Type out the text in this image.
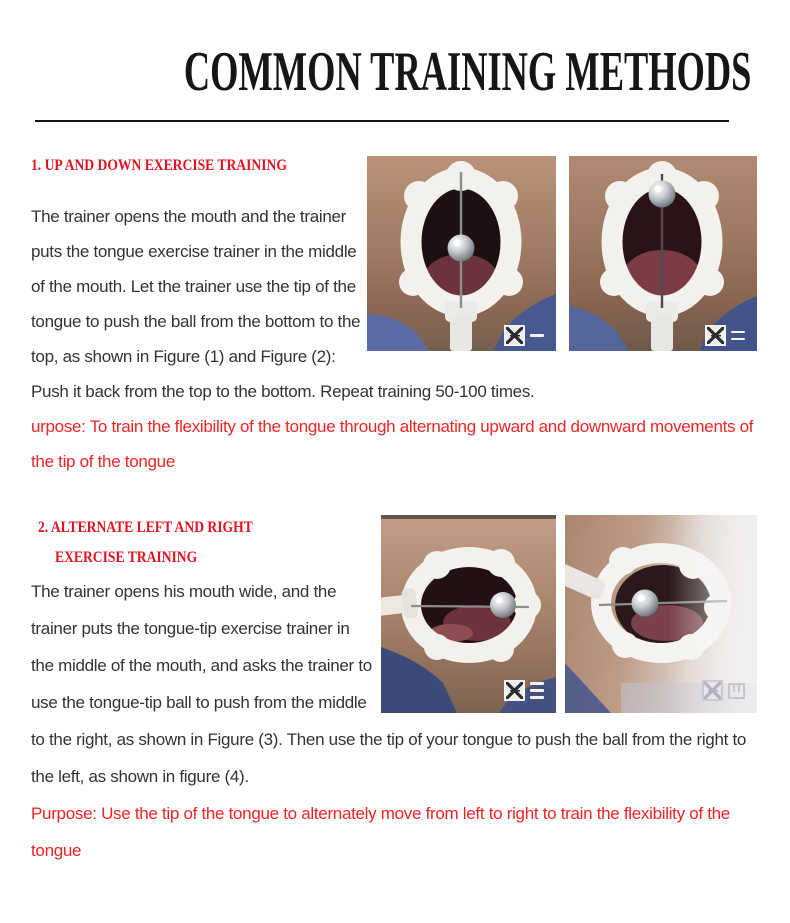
COMMON TRAINING METHODS
1. UP AND DOWN EXERCISE TRAINING

The trainer opens the mouth and the trainer puts the tongue exercise trainer in the middle of the mouth. Let the trainer use the tip of the tongue to push the ball from the bottom to the top, as shown in Figure (1) and Figure (2): Push it back from the top to the bottom. Repeat training 50-100 times.

urpose: To train the flexibility of the tongue through alternating upward and downward movements of the tip of the tongue

2. ALTERNATE LEFT AND RIGHT
EXERCISE TRAINING

The trainer opens his mouth wide, and the trainer puts the tongue-tip exercise trainer in the middle of the mouth, and asks the trainer to use the tongue-tip ball to push from the middle to the right, as shown in Figure (3). Then use the tip of your tongue to push the ball from the right to the left, as shown in figure (4).

Purpose: Use the tip of the tongue to alternately move from left to right to train the flexibility of the tongue
